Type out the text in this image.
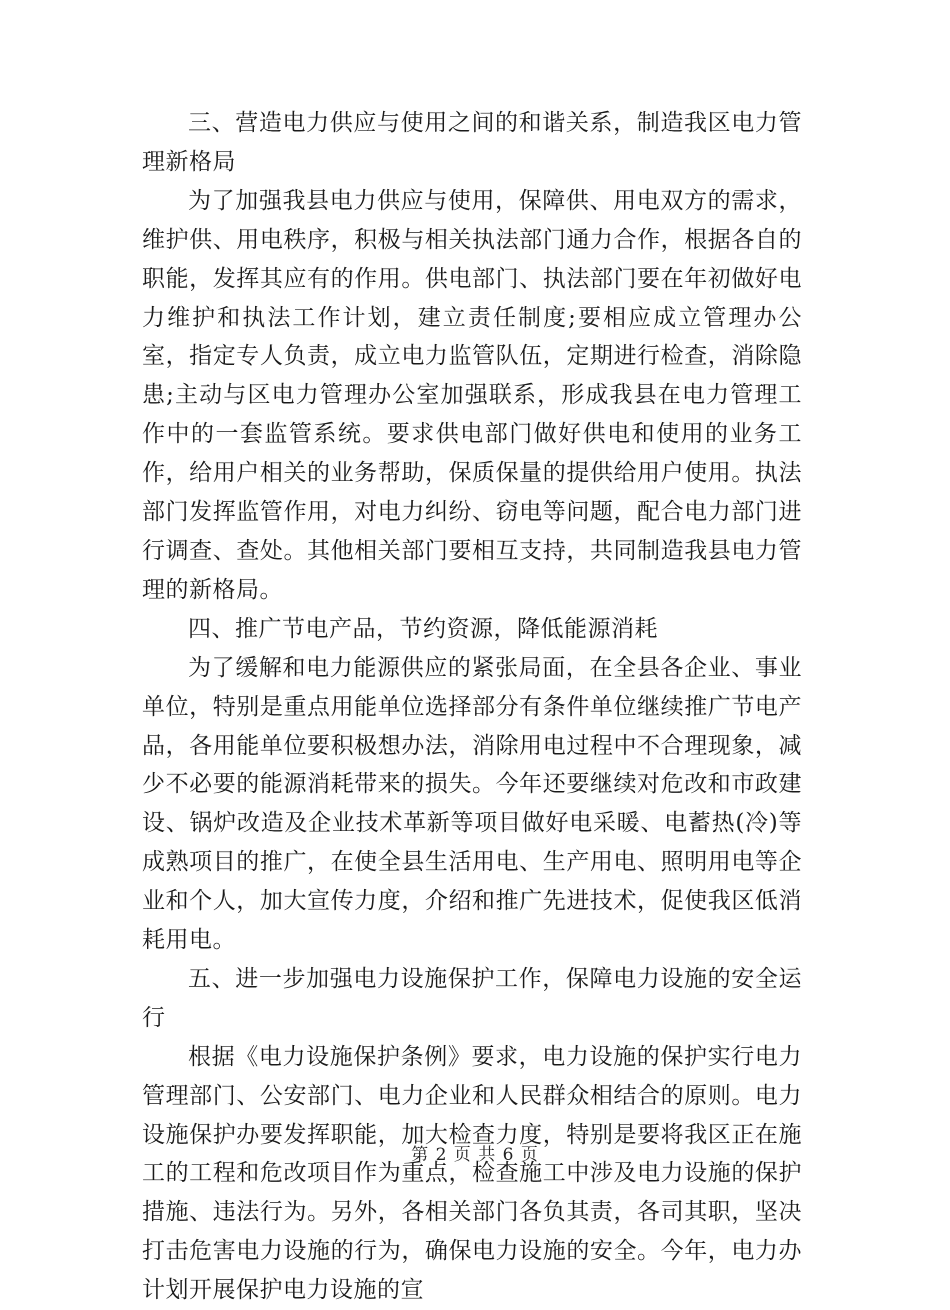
三、营造电力供应与使用之间的和谐关系，制造我区电力管理新格局

为了加强我县电力供应与使用，保障供、用电双方的需求，维护供、用电秩序，积极与相关执法部门通力合作，根据各自的职能，发挥其应有的作用。供电部门、执法部门要在年初做好电力维护和执法工作计划，建立责任制度;要相应成立管理办公室，指定专人负责，成立电力监管队伍，定期进行检查，消除隐患;主动与区电力管理办公室加强联系，形成我县在电力管理工作中的一套监管系统。要求供电部门做好供电和使用的业务工作，给用户相关的业务帮助，保质保量的提供给用户使用。执法部门发挥监管作用，对电力纠纷、窃电等问题，配合电力部门进行调查、查处。其他相关部门要相互支持，共同制造我县电力管理的新格局。

四、推广节电产品，节约资源，降低能源消耗

为了缓解和电力能源供应的紧张局面，在全县各企业、事业单位，特别是重点用能单位选择部分有条件单位继续推广节电产品，各用能单位要积极想办法，消除用电过程中不合理现象，减少不必要的能源消耗带来的损失。今年还要继续对危改和市政建设、锅炉改造及企业技术革新等项目做好电采暖、电蓄热(冷)等成熟项目的推广，在使全县生活用电、生产用电、照明用电等企业和个人，加大宣传力度，介绍和推广先进技术，促使我区低消耗用电。

五、进一步加强电力设施保护工作，保障电力设施的安全运行

根据《电力设施保护条例》要求，电力设施的保护实行电力管理部门、公安部门、电力企业和人民群众相结合的原则。电力设施保护办要发挥职能，加大检查力度，特别是要将我区正在施工的工程和危改项目作为重点，检查施工中涉及电力设施的保护措施、违法行为。另外，各相关部门各负其责，各司其职，坚决打击危害电力设施的行为，确保电力设施的安全。今年，电力办计划开展保护电力设施的宣

第 2 页 共 6 页
